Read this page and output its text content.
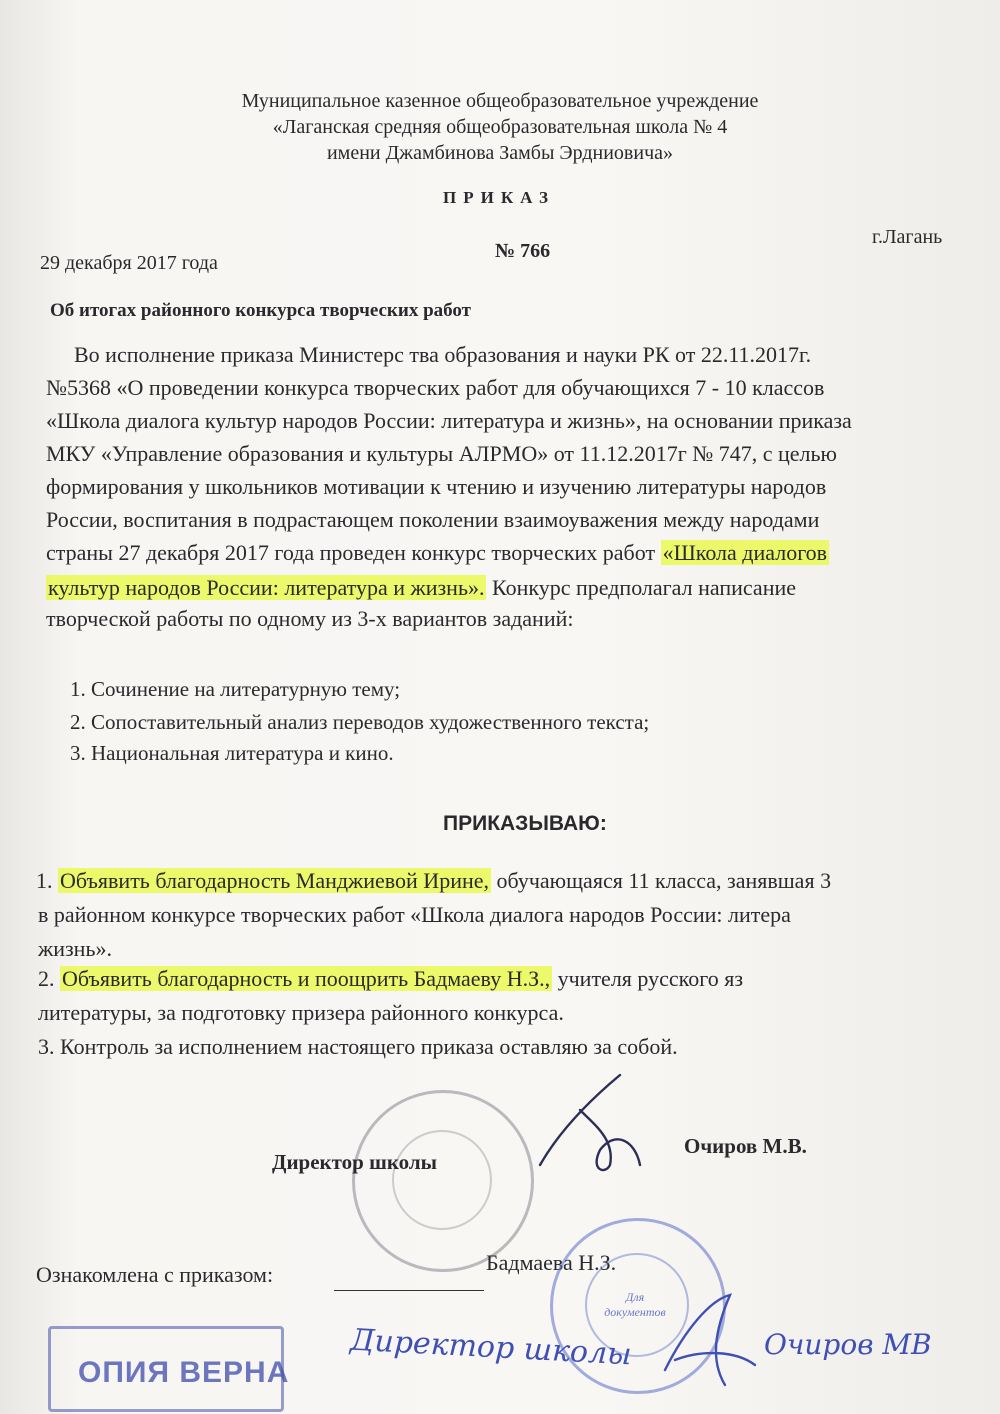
Муниципальное казенное общеобразовательное учреждение
«Лаганская средняя общеобразовательная школа № 4
имени Джамбинова Замбы Эрдниовича»
ПРИКАЗ
29 декабря 2017 года
№ 766
г.Лагань
Об итогах районного конкурса творческих работ
Во исполнение приказа Министерс тва образования и науки РК от 22.11.2017г.
№5368 «О проведении конкурса творческих работ для обучающихся 7 - 10 классов
«Школа диалога культур народов России: литература и жизнь», на основании приказа
МКУ «Управление образования и культуры АЛРМО» от 11.12.2017г № 747, с целью
формирования у школьников мотивации к чтению и изучению литературы народов
России, воспитания в подрастающем поколении взаимоуважения между народами
страны 27 декабря 2017 года проведен конкурс творческих работ «Школа диалогов
культур народов России: литература и жизнь». Конкурс предполагал написание
творческой работы по одному из 3-х вариантов заданий:
1. Сочинение на литературную тему;
2. Сопоставительный анализ переводов художественного текста;
3. Национальная литература и кино.
ПРИКАЗЫВАЮ:
1. Объявить благодарность Манджиевой Ирине, обучающаяся 11 класса, занявшая 3
в районном конкурсе творческих работ «Школа диалога народов России: литера
жизнь».
2. Объявить благодарность и поощрить Бадмаеву Н.З., учителя русского яз
литературы, за подготовку призера районного конкурса.
3. Контроль за исполнением настоящего приказа оставляю за собой.
Директор школы
Очиров М.В.
Ознакомлена с приказом:	Бадмаева Н.З.
Для документов
ОПИЯ ВЕРНА
Директор школы	Очиров МВ
